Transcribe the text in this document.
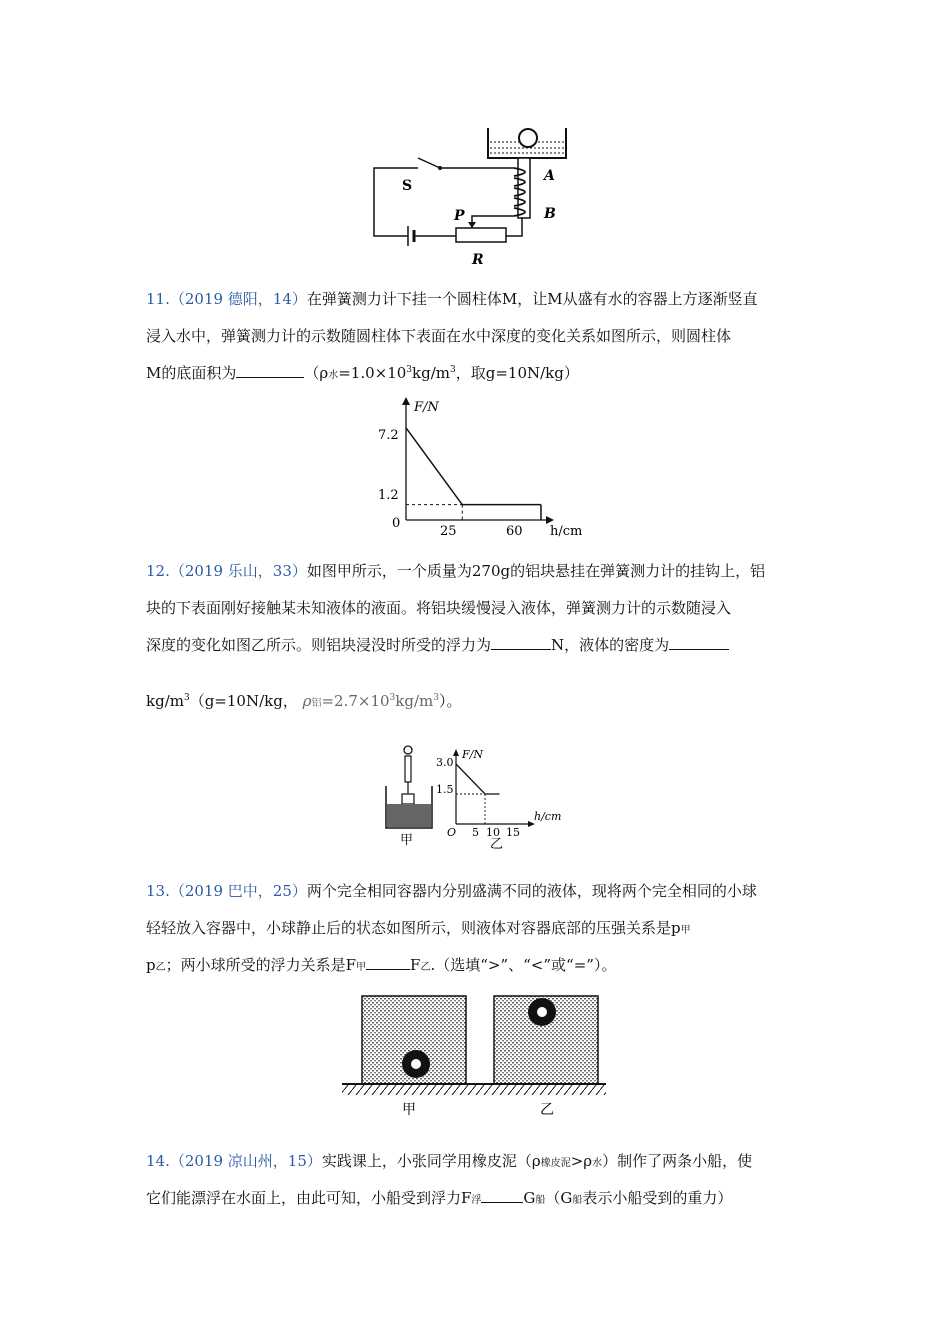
S
A
B
P
R
11.（2019 德阳，14）在弹簧测力计下挂一个圆柱体M，让M从盛有水的容器上方逐渐竖直
浸入水中，弹簧测力计的示数随圆柱体下表面在水中深度的变化关系如图所示，则圆柱体
M的底面积为	（ρ水$=1.0\times 10^3kg/m^3$，取g=10N/kg）
F/N
h/cm
0
7.2
1.2
25	60
12.（2019 乐山，33）如图甲所示，一个质量为270g的铝块悬挂在弹簧测力计的挂钩上，铝
块的下表面刚好接触某未知液体的液面。将铝块缓慢浸入液体，弹簧测力计的示数随浸入
深度的变化如图乙所示。则铝块浸没时所受的浮力为	N，液体的密度为
$kg/m^3(g=10N/kg$， ρ铝$=2.7\times 10^3kg/m^3$）。
甲
F/N
h/cm
O
3.0
1.5
5 10 15
乙
13.（2019 巴中，25）两个完全相同容器内分别盛满不同的液体，现将两个完全相同的小球
轻轻放入容器中，小球静止后的状态如图所示，则液体对容器底部的压强关系是p甲
p乙；两小球所受的浮力关系是F甲	F乙.（选填“>”、“<”或“=”）。
甲	乙
14.（2019 凉山州，15）实践课上，小张同学用橡皮泥（ρ橡皮泥>ρ水）制作了两条小船，使
它们能漂浮在水面上，由此可知，小船受到浮力F浮	G船（G船表示小船受到的重力）
